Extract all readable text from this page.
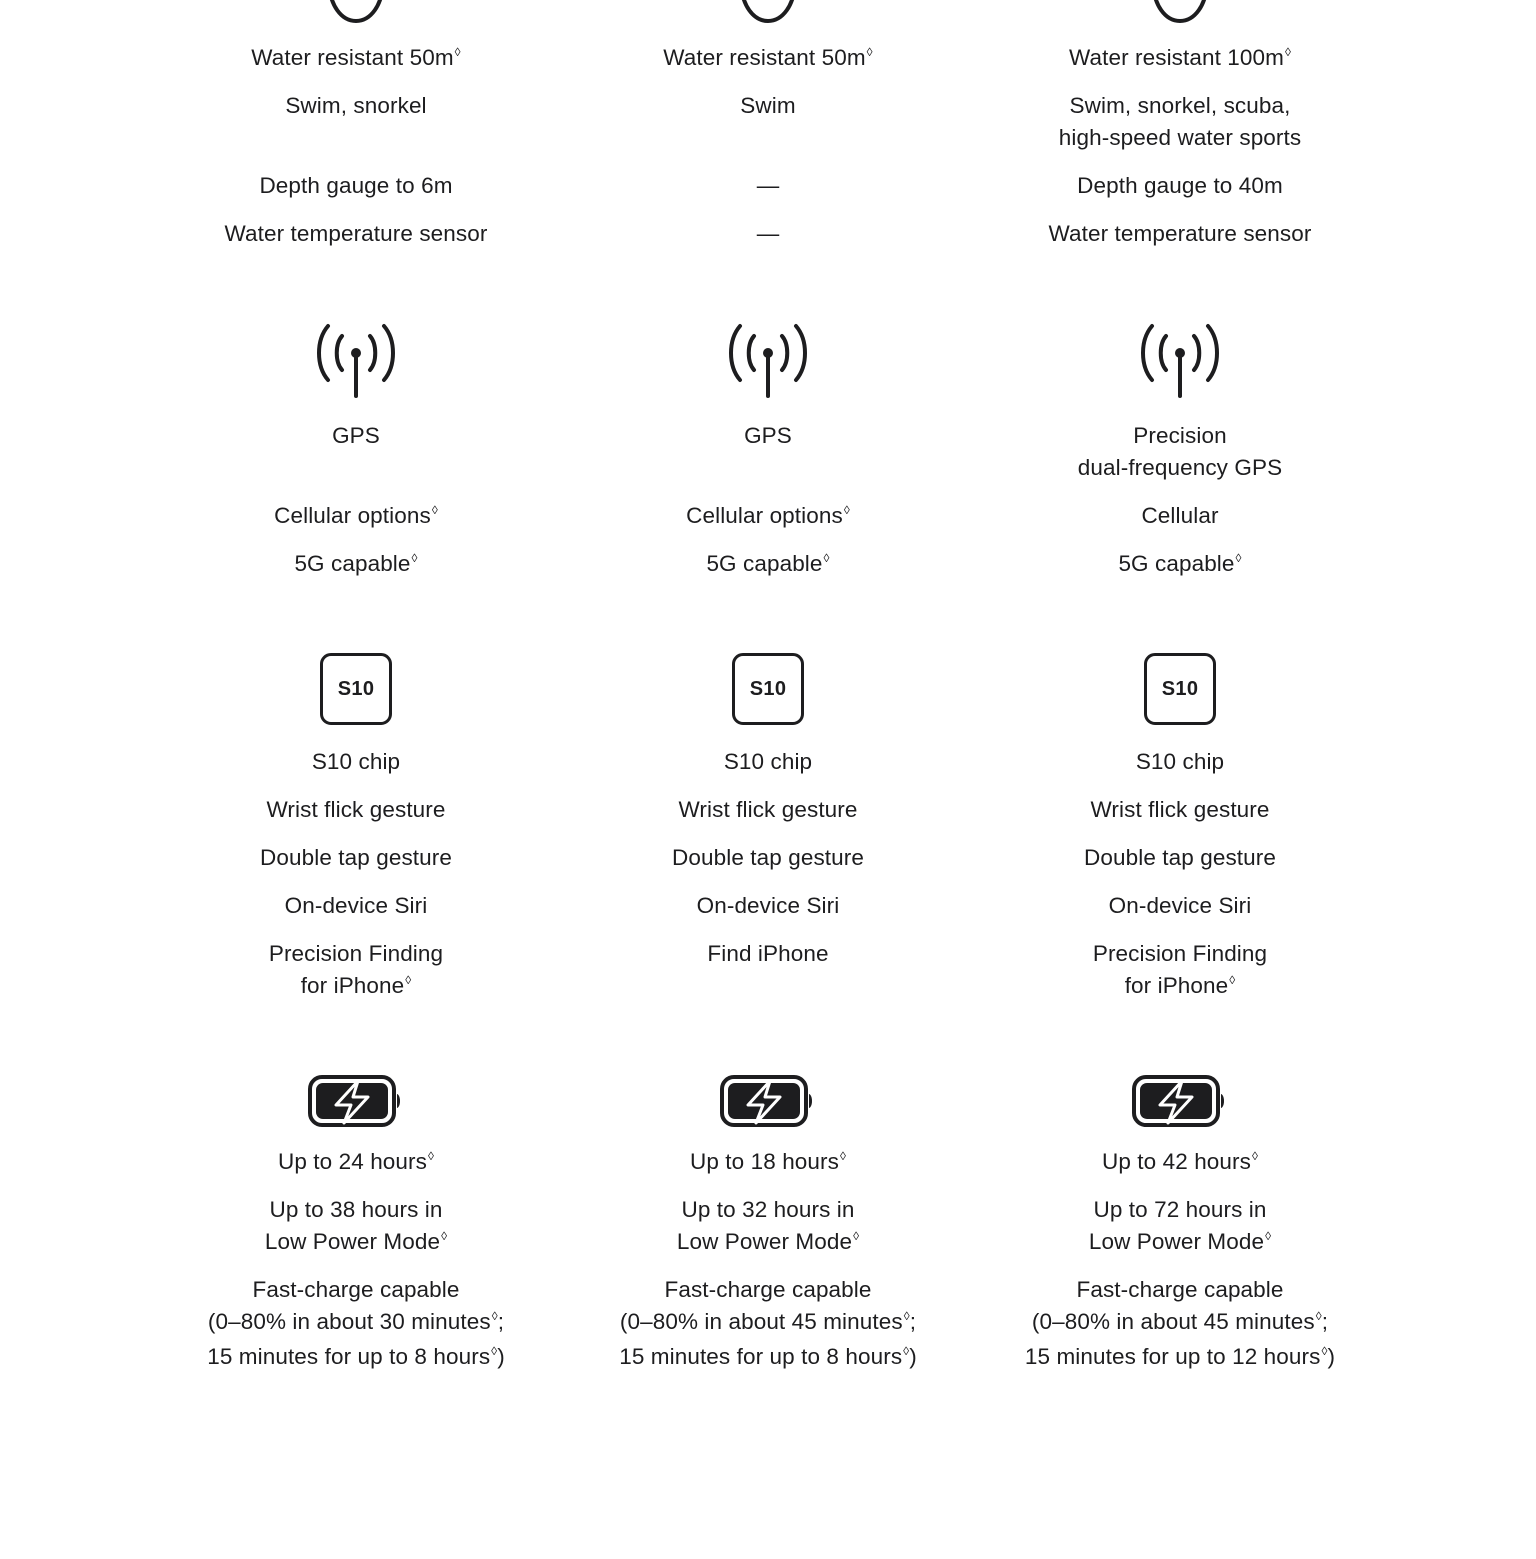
Water resistant 50m◊
Swim, snorkel
Depth gauge to 6m
Water temperature sensor
GPS
Cellular options◊
5G capable◊
S10
S10 chip
Wrist flick gesture
Double tap gesture
On-device Siri
Precision Finding
for iPhone◊
Up to 24 hours◊
Up to 38 hours in
Low Power Mode◊
Fast-charge capable
(0–80% in about 30 minutes◊;
15 minutes for up to 8 hours◊)
Water resistant 50m◊
Swim
—
—
GPS
Cellular options◊
5G capable◊
S10
S10 chip
Wrist flick gesture
Double tap gesture
On-device Siri
Find iPhone
Up to 18 hours◊
Up to 32 hours in
Low Power Mode◊
Fast-charge capable
(0–80% in about 45 minutes◊;
15 minutes for up to 8 hours◊)
Water resistant 100m◊
Swim, snorkel, scuba,
high-speed water sports
Depth gauge to 40m
Water temperature sensor
Precision
dual-frequency GPS
Cellular
5G capable◊
S10
S10 chip
Wrist flick gesture
Double tap gesture
On-device Siri
Precision Finding
for iPhone◊
Up to 42 hours◊
Up to 72 hours in
Low Power Mode◊
Fast-charge capable
(0–80% in about 45 minutes◊;
15 minutes for up to 12 hours◊)
